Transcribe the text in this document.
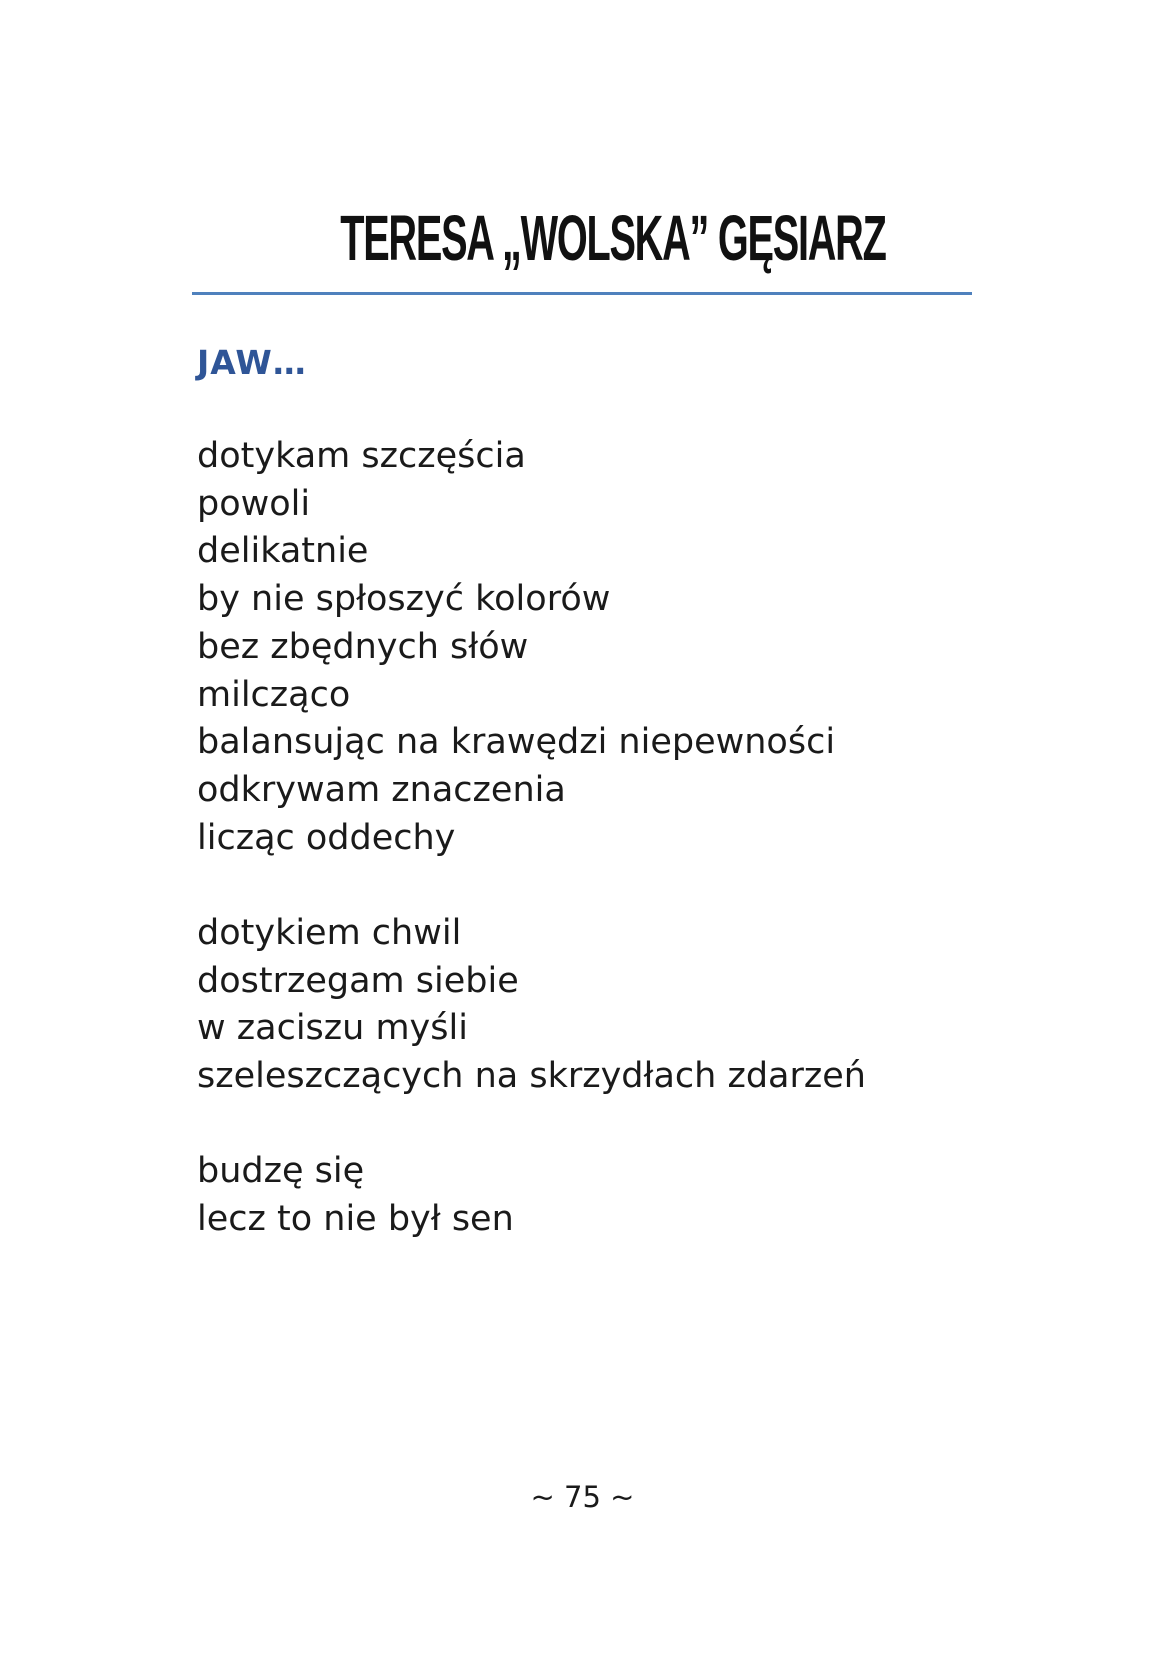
TERESA „WOLSKA” GĘSIARZ
JAW…
dotykam szczęścia
powoli
delikatnie
by nie spłoszyć kolorów
bez zbędnych słów
milcząco
balansując na krawędzi niepewności
odkrywam znaczenia
licząc oddechy
dotykiem chwil
dostrzegam siebie
w zaciszu myśli
szeleszczących na skrzydłach zdarzeń
budzę się
lecz to nie był sen
~ 75 ~
